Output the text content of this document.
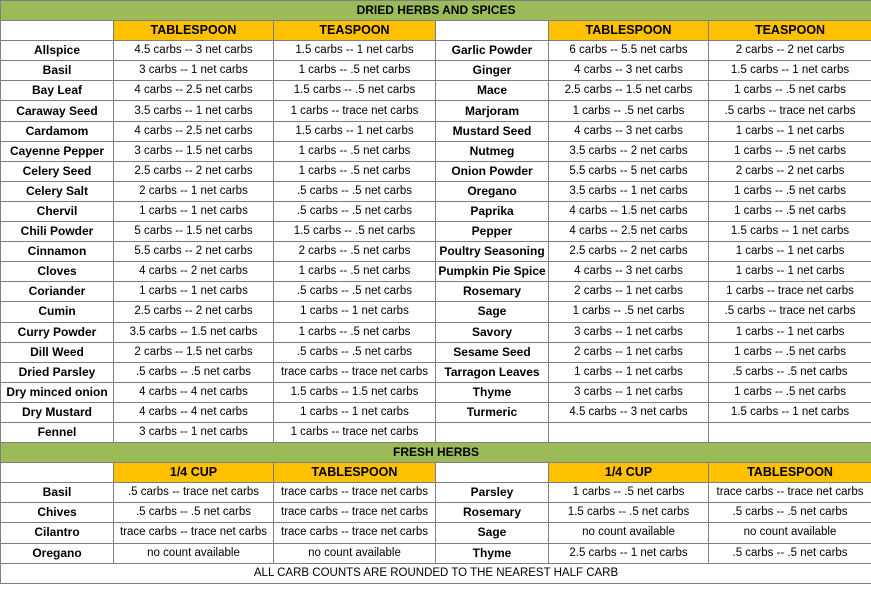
DRIED HERBS AND SPICES					
	TABLESPOON	TEASPOON		TABLESPOON	TEASPOON
Allspice	4.5 carbs -- 3 net carbs	1.5 carbs -- 1 net carbs	Garlic Powder	6 carbs -- 5.5 net carbs	2 carbs -- 2 net carbs
Basil	3 carbs -- 1 net carbs	1 carbs -- .5 net carbs	Ginger	4 carbs -- 3 net carbs	1.5 carbs -- 1 net carbs
Bay Leaf	4 carbs -- 2.5 net carbs	1.5 carbs -- .5 net carbs	Mace	2.5 carbs -- 1.5 net carbs	1 carbs -- .5 net carbs
Caraway Seed	3.5 carbs -- 1 net carbs	1 carbs -- trace net carbs	Marjoram	1 carbs -- .5 net carbs	.5 carbs -- trace net carbs
Cardamom	4 carbs -- 2.5 net carbs	1.5 carbs -- 1 net carbs	Mustard Seed	4 carbs -- 3 net carbs	1 carbs -- 1 net carbs
Cayenne Pepper	3 carbs -- 1.5 net carbs	1 carbs -- .5 net carbs	Nutmeg	3.5 carbs -- 2 net carbs	1 carbs -- .5 net carbs
Celery Seed	2.5 carbs -- 2 net carbs	1 carbs -- .5 net carbs	Onion Powder	5.5 carbs -- 5 net carbs	2 carbs -- 2 net carbs
Celery Salt	2 carbs -- 1 net carbs	.5 carbs -- .5 net carbs	Oregano	3.5 carbs -- 1 net carbs	1 carbs -- .5 net carbs
Chervil	1 carbs -- 1 net carbs	.5 carbs -- .5 net carbs	Paprika	4 carbs -- 1.5 net carbs	1 carbs -- .5 net carbs
Chili Powder	5 carbs -- 1.5 net carbs	1.5 carbs -- .5 net carbs	Pepper	4 carbs -- 2.5 net carbs	1.5 carbs -- 1 net carbs
Cinnamon	5.5 carbs -- 2 net carbs	2 carbs -- .5 net carbs	Poultry Seasoning	2.5 carbs -- 2 net carbs	1 carbs -- 1 net carbs
Cloves	4 carbs -- 2 net carbs	1 carbs -- .5 net carbs	Pumpkin Pie Spice	4 carbs -- 3 net carbs	1 carbs -- 1 net carbs
Coriander	1 carbs -- 1 net carbs	.5 carbs -- .5 net carbs	Rosemary	2 carbs -- 1 net carbs	1 carbs -- trace net carbs
Cumin	2.5 carbs -- 2 net carbs	1 carbs -- 1 net carbs	Sage	1 carbs -- .5 net carbs	.5 carbs -- trace net carbs
Curry Powder	3.5 carbs -- 1.5 net carbs	1 carbs -- .5 net carbs	Savory	3 carbs -- 1 net carbs	1 carbs -- 1 net carbs
Dill Weed	2 carbs -- 1.5 net carbs	.5 carbs -- .5 net carbs	Sesame Seed	2 carbs -- 1 net carbs	1 carbs -- .5 net carbs
Dried Parsley	.5 carbs -- .5 net carbs	trace carbs -- trace net carbs	Tarragon Leaves	1 carbs -- 1 net carbs	.5 carbs -- .5 net carbs
Dry minced onion	4 carbs -- 4 net carbs	1.5 carbs -- 1.5 net carbs	Thyme	3 carbs -- 1 net carbs	1 carbs -- .5 net carbs
Dry Mustard	4 carbs -- 4 net carbs	1 carbs -- 1 net carbs	Turmeric	4.5 carbs -- 3 net carbs	1.5 carbs -- 1 net carbs
Fennel	3 carbs -- 1 net carbs	1 carbs -- trace net carbs			
FRESH HERBS					
	1/4 CUP	TABLESPOON		1/4 CUP	TABLESPOON
Basil	.5 carbs -- trace net carbs	trace carbs -- trace net carbs	Parsley	1 carbs -- .5 net carbs	trace carbs -- trace net carbs
Chives	.5 carbs -- .5 net carbs	trace carbs -- trace net carbs	Rosemary	1.5 carbs -- .5 net carbs	.5 carbs -- .5 net carbs
Cilantro	trace carbs -- trace net carbs	trace carbs -- trace net carbs	Sage	no count available	no count available
Oregano	no count available	no count available	Thyme	2.5 carbs -- 1 net carbs	.5 carbs -- .5 net carbs
ALL CARB COUNTS ARE ROUNDED TO THE NEAREST HALF CARB					
